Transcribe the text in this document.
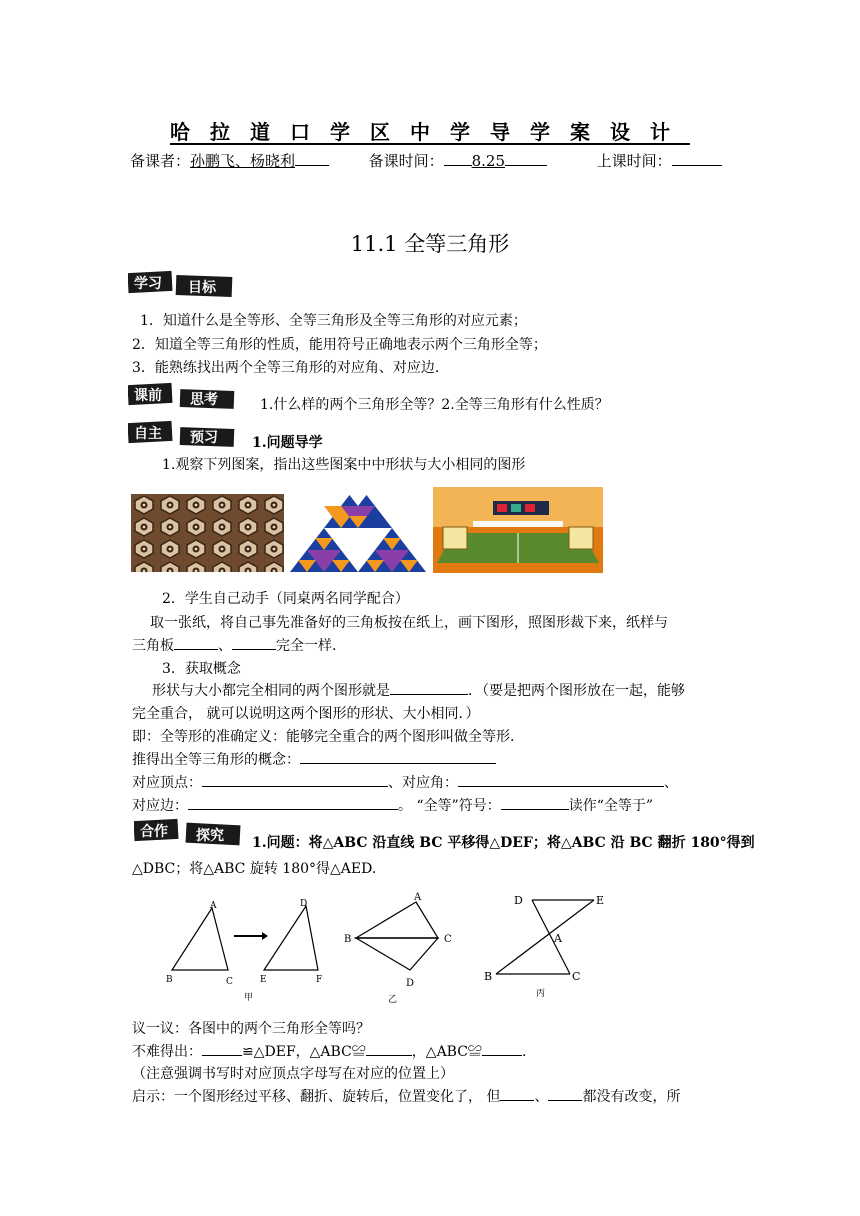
哈拉道口学区中学导学案设计
备课者：孙鹏飞、杨晓利	备课时间： 8.25	上课时间：
11.1 全等三角形
学习 目标
1．知道什么是全等形、全等三角形及全等三角形的对应元素；
2．知道全等三角形的性质，能用符号正确地表示两个三角形全等；
3．能熟练找出两个全等三角形的对应角、对应边.
课前 思考	1.什么样的两个三角形全等？2.全等三角形有什么性质？
自主 预习 1.问题导学
1.观察下列图案，指出这些图案中中形状与大小相同的图形
2．学生自己动手（同桌两名同学配合）
取一张纸，将自己事先准备好的三角板按在纸上，画下图形，照图形裁下来，纸样与
三角板	、	完全一样.
3．获取概念
形状与大小都完全相同的两个图形就是	．（要是把两个图形放在一起，能够
完全重合， 就可以说明这两个图形的形状、大小相同．）
即：全等形的准确定义：能够完全重合的两个图形叫做全等形.
推得出全等三角形的概念：
对应顶点：	、对应角：	、
对应边：	。 “全等”符号：	读作“全等于”
合作 探究 1.问题：将△ABC 沿直线 BC 平移得△DEF；将△ABC 沿 BC 翻折 180°得到
△DBC；将△ABC 旋转 180°得△AED.
A
B	C
D
E	F
甲
A
B	C
D
乙
D	E
A
B	C
丙
议一议：各图中的两个三角形全等吗？
不难得出：	≌△DEF，△ABC≌	，△ABC≌	.
（注意强调书写时对应顶点字母写在对应的位置上）
启示：一个图形经过平移、翻折、旋转后，位置变化了， 但 、 都没有改变，所
